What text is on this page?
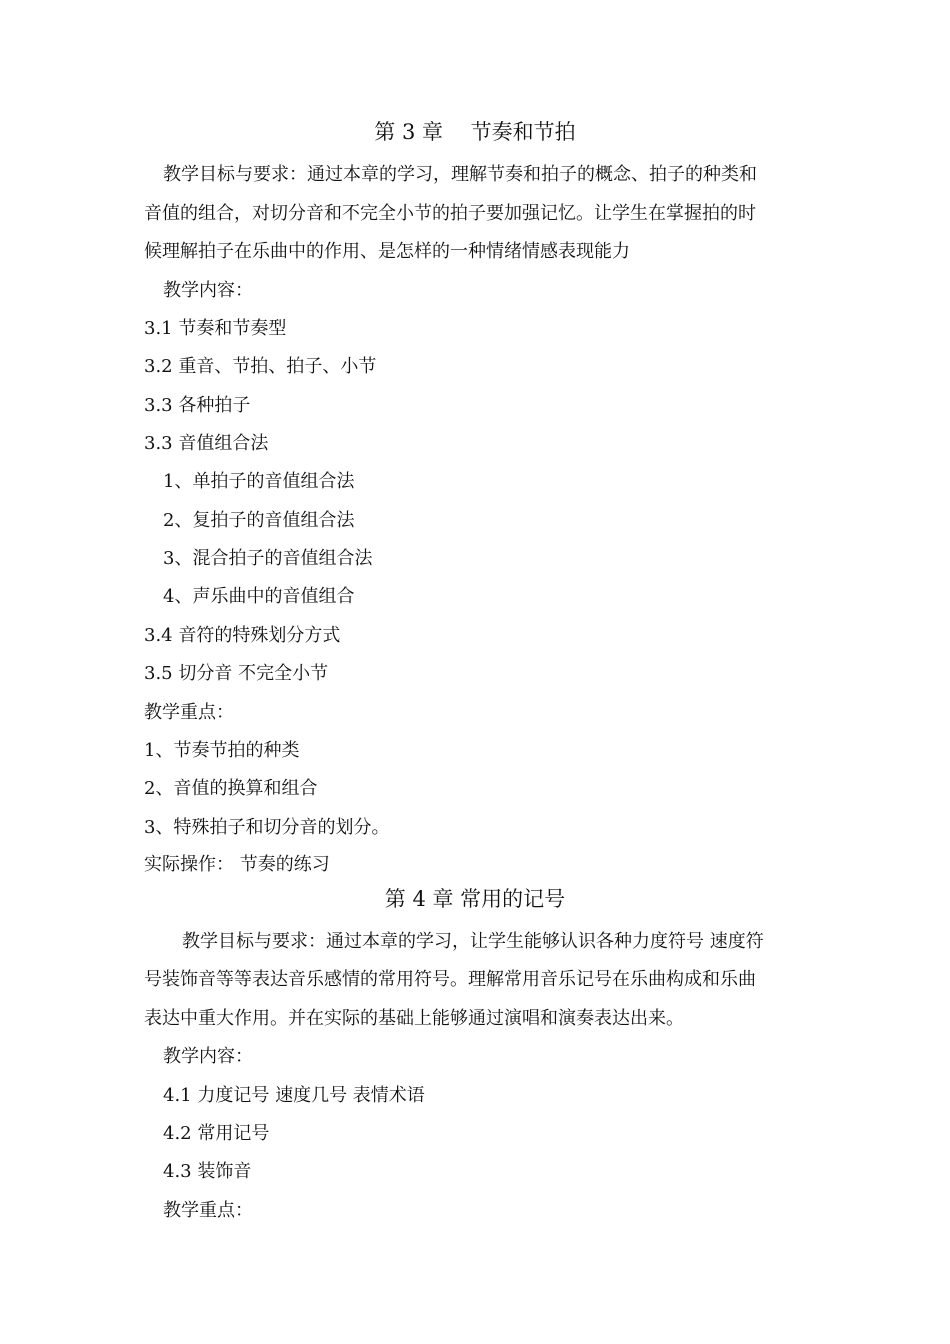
第 3 章　 节奏和节拍

教学目标与要求：通过本章的学习，理解节奏和拍子的概念、拍子的种类和

音值的组合，对切分音和不完全小节的拍子要加强记忆。让学生在掌握拍的时

候理解拍子在乐曲中的作用、是怎样的一种情绪情感表现能力

教学内容：

3.1 节奏和节奏型

3.2 重音、节拍、拍子、小节

3.3 各种拍子

3.3 音值组合法

1、单拍子的音值组合法

2、复拍子的音值组合法

3、混合拍子的音值组合法

4、声乐曲中的音值组合

3.4 音符的特殊划分方式

3.5 切分音 不完全小节

教学重点：

1、节奏节拍的种类

2、音值的换算和组合

3、特殊拍子和切分音的划分。

实际操作： 节奏的练习

第 4 章 常用的记号

教学目标与要求：通过本章的学习，让学生能够认识各种力度符号 速度符

号装饰音等等表达音乐感情的常用符号。理解常用音乐记号在乐曲构成和乐曲

表达中重大作用。并在实际的基础上能够通过演唱和演奏表达出来。

教学内容：

4.1 力度记号 速度几号 表情术语

4.2 常用记号

4.3 装饰音

教学重点：
